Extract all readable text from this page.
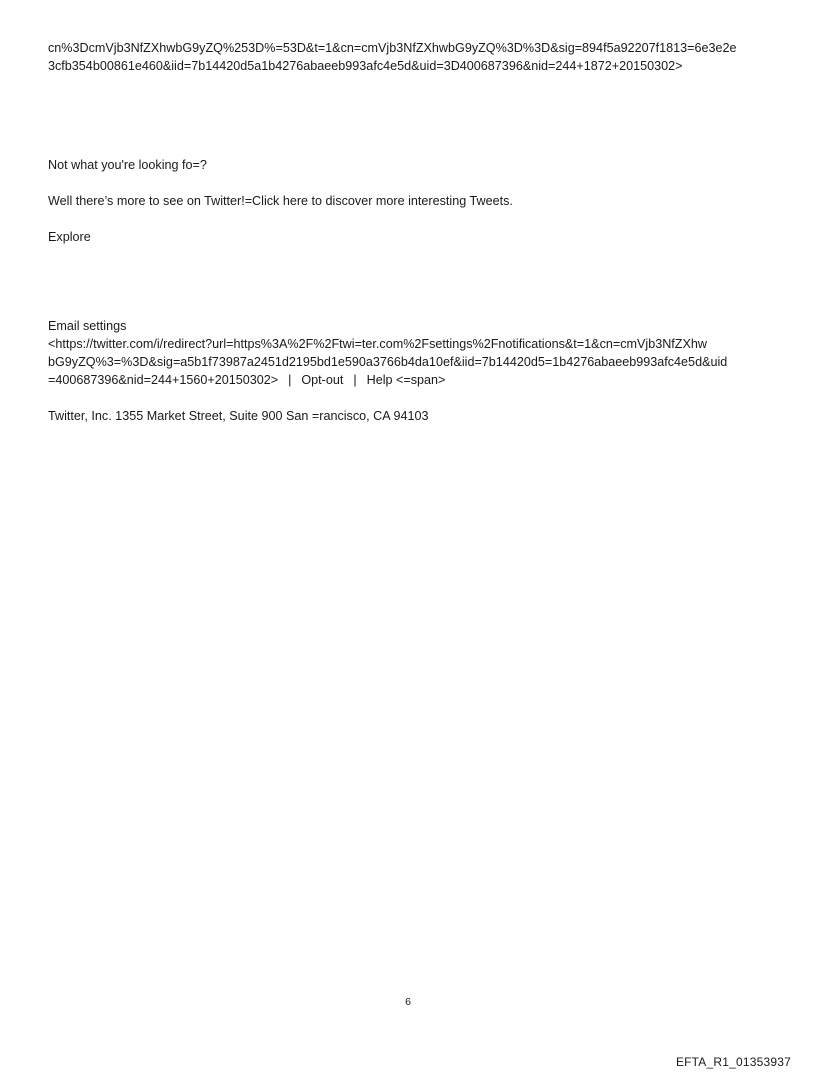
cn%3DcmVjb3NfZXhwbG9yZQ%253D%=53D&t=1&cn=cmVjb3NfZXhwbG9yZQ%3D%3D&sig=894f5a92207f1813=6e3e2e

3cfb354b00861e460&iid=7b14420d5a1b4276abaeeb993afc4e5d&uid=3D400687396&nid=244+1872+20150302>

Not what you're looking fo=?

Well there’s more to see on Twitter!=Click here to discover more interesting Tweets.

Explore

Email settings

<https://twitter.com/i/redirect?url=https%3A%2F%2Ftwi=ter.com%2Fsettings%2Fnotifications&t=1&cn=cmVjb3NfZXhw

bG9yZQ%3=%3D&sig=a5b1f73987a2451d2195bd1e590a3766b4da10ef&iid=7b14420d5=1b4276abaeeb993afc4e5d&uid

=400687396&nid=244+1560+20150302> | Opt-out | Help <=span>

Twitter, Inc. 1355 Market Street, Suite 900 San =rancisco, CA 94103

6

EFTA_R1_01353937
